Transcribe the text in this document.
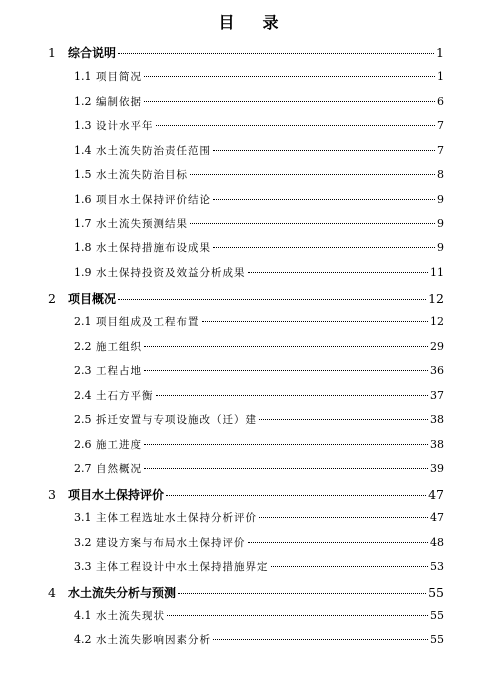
目 录
1	综合说明	1
1.1 项目简况	1
1.2 编制依据	6
1.3 设计水平年	7
1.4 水土流失防治责任范围	7
1.5 水土流失防治目标	8
1.6 项目水土保持评价结论	9
1.7 水土流失预测结果	9
1.8 水土保持措施布设成果	9
1.9 水土保持投资及效益分析成果	11
2	项目概况	12
2.1 项目组成及工程布置	12
2.2 施工组织	29
2.3 工程占地	36
2.4 土石方平衡	37
2.5 拆迁安置与专项设施改（迁）建	38
2.6 施工进度	38
2.7 自然概况	39
3	项目水土保持评价	47
3.1 主体工程选址水土保持分析评价	47
3.2 建设方案与布局水土保持评价	48
3.3 主体工程设计中水土保持措施界定	53
4	水土流失分析与预测	55
4.1 水土流失现状	55
4.2 水土流失影响因素分析	55
